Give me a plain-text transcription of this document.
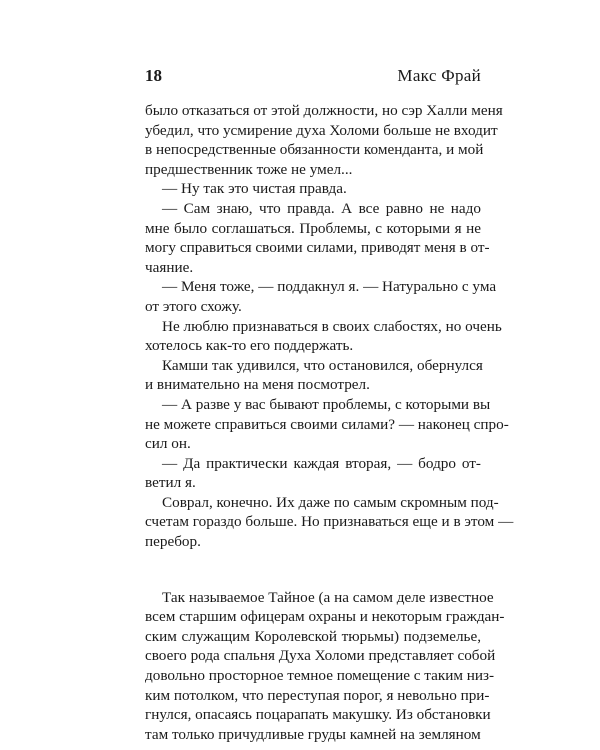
18	Макс Фрай
было отказаться от этой должности, но сэр Халли меня
убедил, что усмирение духа Холоми больше не входит
в непосредственные обязанности коменданта, и мой
предшественник тоже не умел...
— Ну так это чистая правда.
— Сам знаю, что правда. А все равно не надо
мне было соглашаться. Проблемы, с которыми я не
могу справиться своими силами, приводят меня в от-
чаяние.
— Меня тоже, — поддакнул я. — Натурально с ума
от этого схожу.
Не люблю признаваться в своих слабостях, но очень
хотелось как-то его поддержать.
Камши так удивился, что остановился, обернулся
и внимательно на меня посмотрел.
— А разве у вас бывают проблемы, с которыми вы
не можете справиться своими силами? — наконец спро-
сил он.
— Да практически каждая вторая, — бодро от-
ветил я.
Соврал, конечно. Их даже по самым скромным под-
счетам гораздо больше. Но признаваться еще и в этом —
перебор.
Так называемое Тайное (а на самом деле известное
всем старшим офицерам охраны и некоторым граждан-
ским служащим Королевской тюрьмы) подземелье,
своего рода спальня Духа Холоми представляет собой
довольно просторное темное помещение с таким низ-
ким потолком, что переступая порог, я невольно при-
гнулся, опасаясь поцарапать макушку. Из обстановки
там только причудливые груды камней на земляном
